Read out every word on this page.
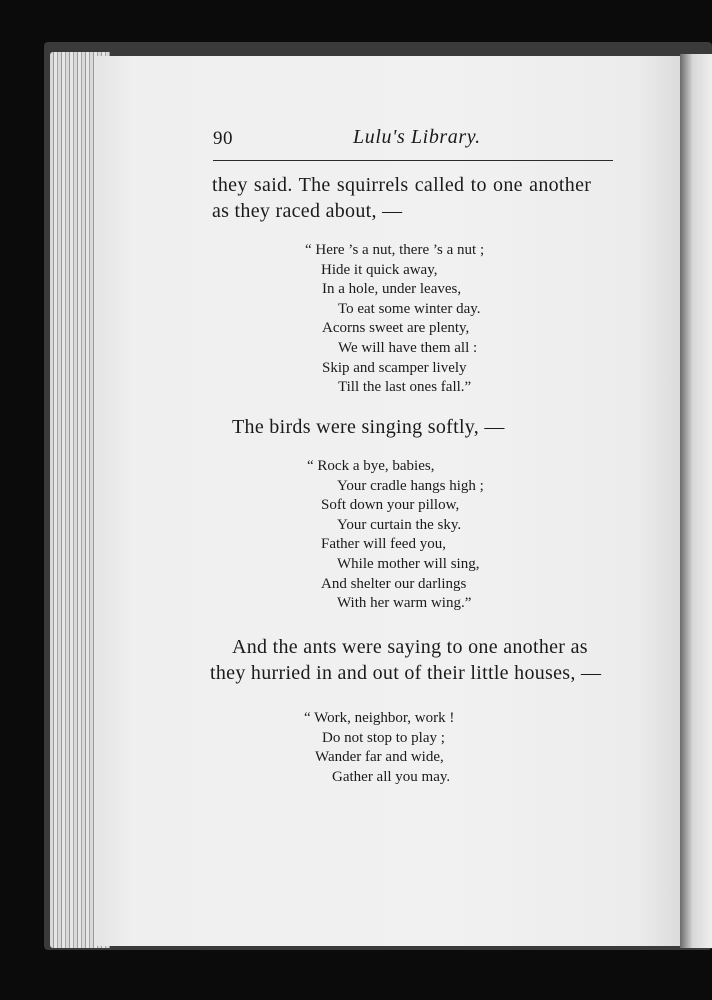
90	Lulu's Library.
they said. The squirrels called to one another
as they raced about, —
“ Here ’s a nut, there ’s a nut ;
Hide it quick away,
In a hole, under leaves,
To eat some winter day.
Acorns sweet are plenty,
We will have them all :
Skip and scamper lively
Till the last ones fall.”
The birds were singing softly, —
“ Rock a bye, babies,
Your cradle hangs high ;
Soft down your pillow,
Your curtain the sky.
Father will feed you,
While mother will sing,
And shelter our darlings
With her warm wing.”
And the ants were saying to one another as
they hurried in and out of their little houses, —
“ Work, neighbor, work !
Do not stop to play ;
Wander far and wide,
Gather all you may.
